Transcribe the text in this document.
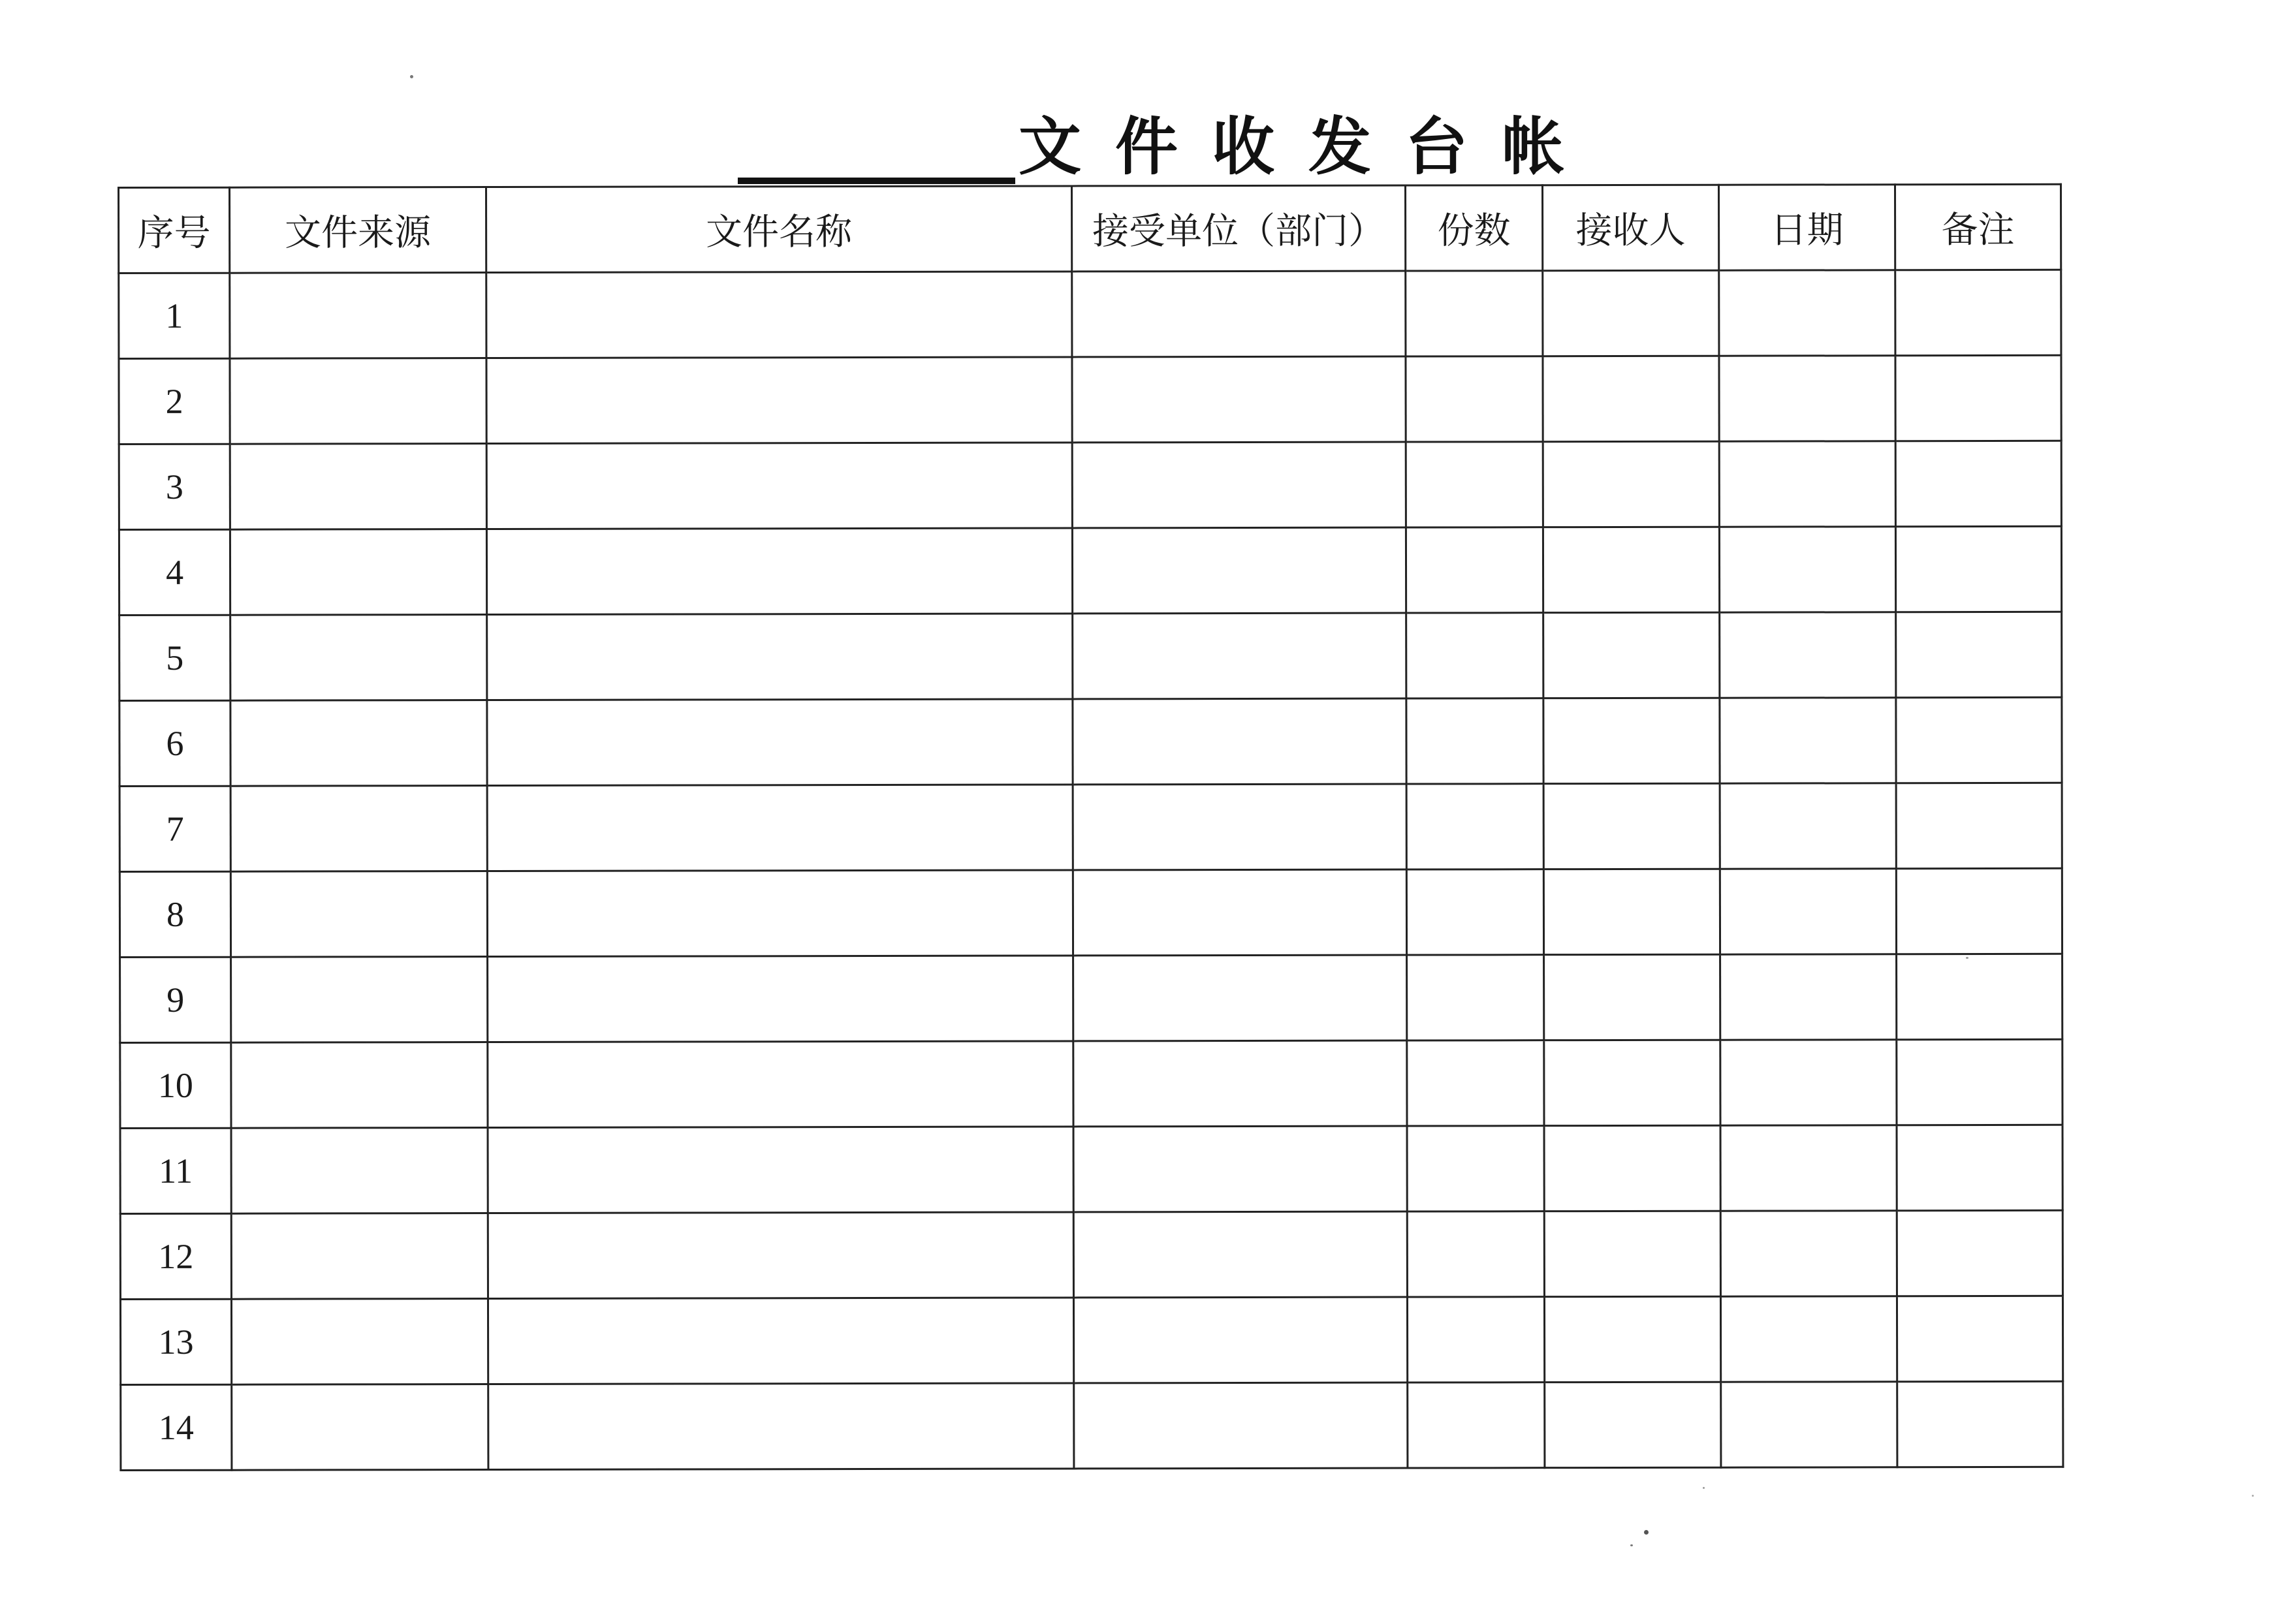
文件收发台帐
序号	文件来源	文件名称	接受单位（部门）	份数	接收人	日期	备注
1							
2							
3							
4							
5							
6							
7							
8							
9							
10							
11							
12							
13							
14							
